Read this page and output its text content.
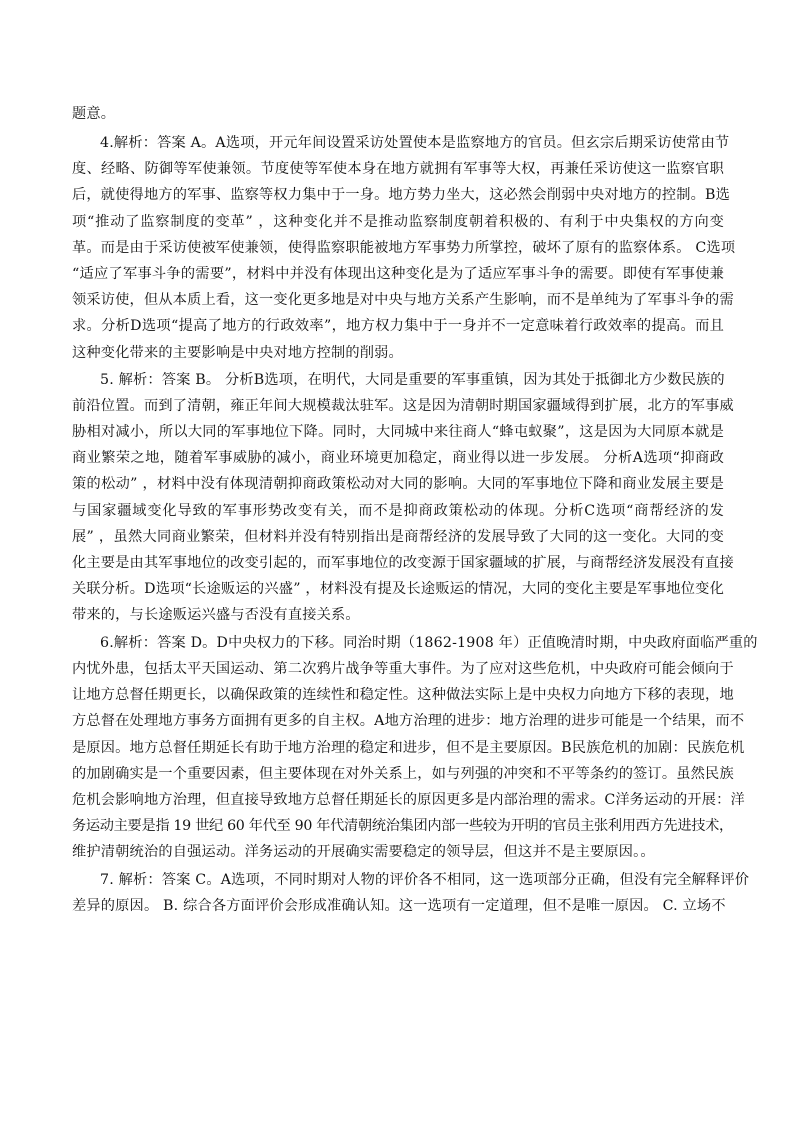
题意。
4.解析：答案 A。A选项，开元年间设置采访处置使本是监察地方的官员。但玄宗后期采访使常由节
度、经略、防御等军使兼领。节度使等军使本身在地方就拥有军事等大权，再兼任采访使这一监察官职
后，就使得地方的军事、监察等权力集中于一身。地方势力坐大，这必然会削弱中央对地方的控制。B选
项“推动了监察制度的变革” ，这种变化并不是推动监察制度朝着积极的、有利于中央集权的方向变
革。而是由于采访使被军使兼领，使得监察职能被地方军事势力所掌控，破坏了原有的监察体系。 C选项
“适应了军事斗争的需要”，材料中并没有体现出这种变化是为了适应军事斗争的需要。即使有军事使兼
领采访使，但从本质上看，这一变化更多地是对中央与地方关系产生影响，而不是单纯为了军事斗争的需
求。分析D选项“提高了地方的行政效率”，地方权力集中于一身并不一定意味着行政效率的提高。而且
这种变化带来的主要影响是中央对地方控制的削弱。
5. 解析：答案 B。 分析B选项，在明代，大同是重要的军事重镇，因为其处于抵御北方少数民族的
前沿位置。而到了清朝，雍正年间大规模裁汰驻军。这是因为清朝时期国家疆域得到扩展，北方的军事威
胁相对减小，所以大同的军事地位下降。同时，大同城中来往商人“蜂屯蚁聚”，这是因为大同原本就是
商业繁荣之地，随着军事威胁的减小，商业环境更加稳定，商业得以进一步发展。 分析A选项“抑商政
策的松动” ，材料中没有体现清朝抑商政策松动对大同的影响。大同的军事地位下降和商业发展主要是
与国家疆域变化导致的军事形势改变有关，而不是抑商政策松动的体现。分析C选项“商帮经济的发
展” ，虽然大同商业繁荣，但材料并没有特别指出是商帮经济的发展导致了大同的这一变化。大同的变
化主要是由其军事地位的改变引起的，而军事地位的改变源于国家疆域的扩展，与商帮经济发展没有直接
关联分析。D选项“长途贩运的兴盛” ，材料没有提及长途贩运的情况，大同的变化主要是军事地位变化
带来的，与长途贩运兴盛与否没有直接关系。
6.解析：答案 D。D中央权力的下移。同治时期（1862-1908 年）正值晚清时期，中央政府面临严重的
内忧外患，包括太平天国运动、第二次鸦片战争等重大事件。为了应对这些危机，中央政府可能会倾向于
让地方总督任期更长，以确保政策的连续性和稳定性。这种做法实际上是中央权力向地方下移的表现，地
方总督在处理地方事务方面拥有更多的自主权。A地方治理的进步：地方治理的进步可能是一个结果，而不
是原因。地方总督任期延长有助于地方治理的稳定和进步，但不是主要原因。B民族危机的加剧：民族危机
的加剧确实是一个重要因素，但主要体现在对外关系上，如与列强的冲突和不平等条约的签订。虽然民族
危机会影响地方治理，但直接导致地方总督任期延长的原因更多是内部治理的需求。C洋务运动的开展：洋
务运动主要是指 19 世纪 60 年代至 90 年代清朝统治集团内部一些较为开明的官员主张利用西方先进技术，
维护清朝统治的自强运动。洋务运动的开展确实需要稳定的领导层，但这并不是主要原因。。
7. 解析：答案 C。A选项，不同时期对人物的评价各不相同，这一选项部分正确，但没有完全解释评价
差异的原因。 B. 综合各方面评价会形成准确认知。这一选项有一定道理，但不是唯一原因。 C. 立场不
